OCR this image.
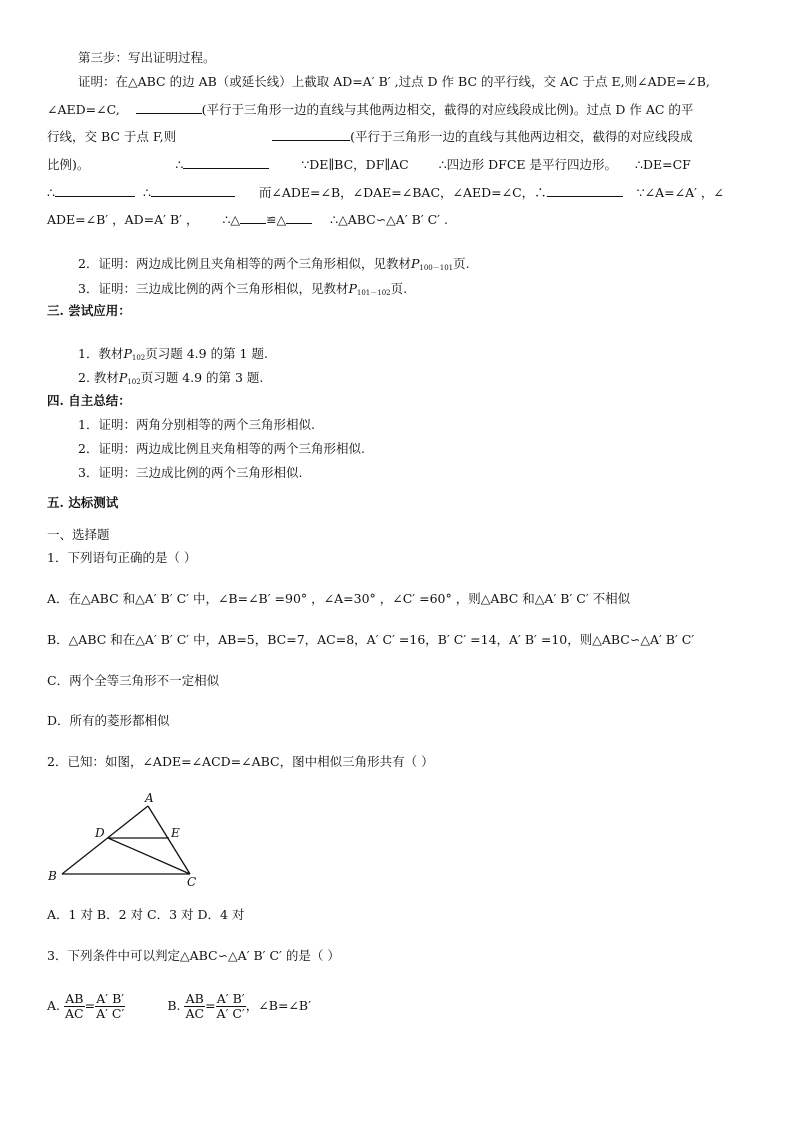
第三步：写出证明过程。
证明：在△ABC 的边 AB（或延长线）上截取 AD=A′ B′ ,过点 D 作 BC 的平行线，交 AC 于点 E,则∠ADE=∠B,
∠AED=∠C,	(平行于三角形一边的直线与其他两边相交，截得的对应线段成比例)。过点 D 作 AC 的平
行线，交 BC 于点 F,则	(平行于三角形一边的直线与其他两边相交，截得的对应线段成
比例)。	∴	∵DE∥BC，DF∥AC ∴四边形 DFCE 是平行四边形。 ∴DE=CF
∴	∴	而∠ADE=∠B，∠DAE=∠BAC，∠AED=∠C，∴	∵∠A=∠A′ ，∠
ADE=∠B′ ，AD=A′ B′ ， ∴△ ≌△	∴△ABC∽△A′ B′ C′ .
2．证明：两边成比例且夹角相等的两个三角形相似，见教材$P_{100-101}$页.
3．证明：三边成比例的两个三角形相似，见教材$P_{101-102}$页.
三. 尝试应用：
1．教材$P_{102}$页习题 4.9 的第 1 题.
2. 教材$P_{102}$页习题 4.9 的第 3 题.
四. 自主总结：
1．证明：两角分别相等的两个三角形相似.
2．证明：两边成比例且夹角相等的两个三角形相似.
3．证明：三边成比例的两个三角形相似.
五. 达标测试
一、选择题
1．下列语句正确的是（ ）
A．在△ABC 和△A′ B′ C′ 中，∠B=∠B′ =90° ，∠A=30° ，∠C′ =60° ，则△ABC 和△A′ B′ C′ 不相似
B．△ABC 和在△A′ B′ C′ 中，AB=5，BC=7，AC=8，A′ C′ =16，B′ C′ =14，A′ B′ =10，则△ABC∽△A′ B′ C′
C．两个全等三角形不一定相似
D．所有的菱形都相似
2．已知：如图，∠ADE=∠ACD=∠ABC，图中相似三角形共有（ ）
A
B	C
D	E
A．1 对 B．2 对 C．3 对 D．4 对
3．下列条件中可以判定△ABC∽△A′ B′ C′ 的是（ ）
A. $\frac{AB}{AC} = \frac{A' B'}{A' C'}$	B. $\frac{AB}{AC} = \frac{A' B'}{A' C'}$ ，∠B=∠B′
